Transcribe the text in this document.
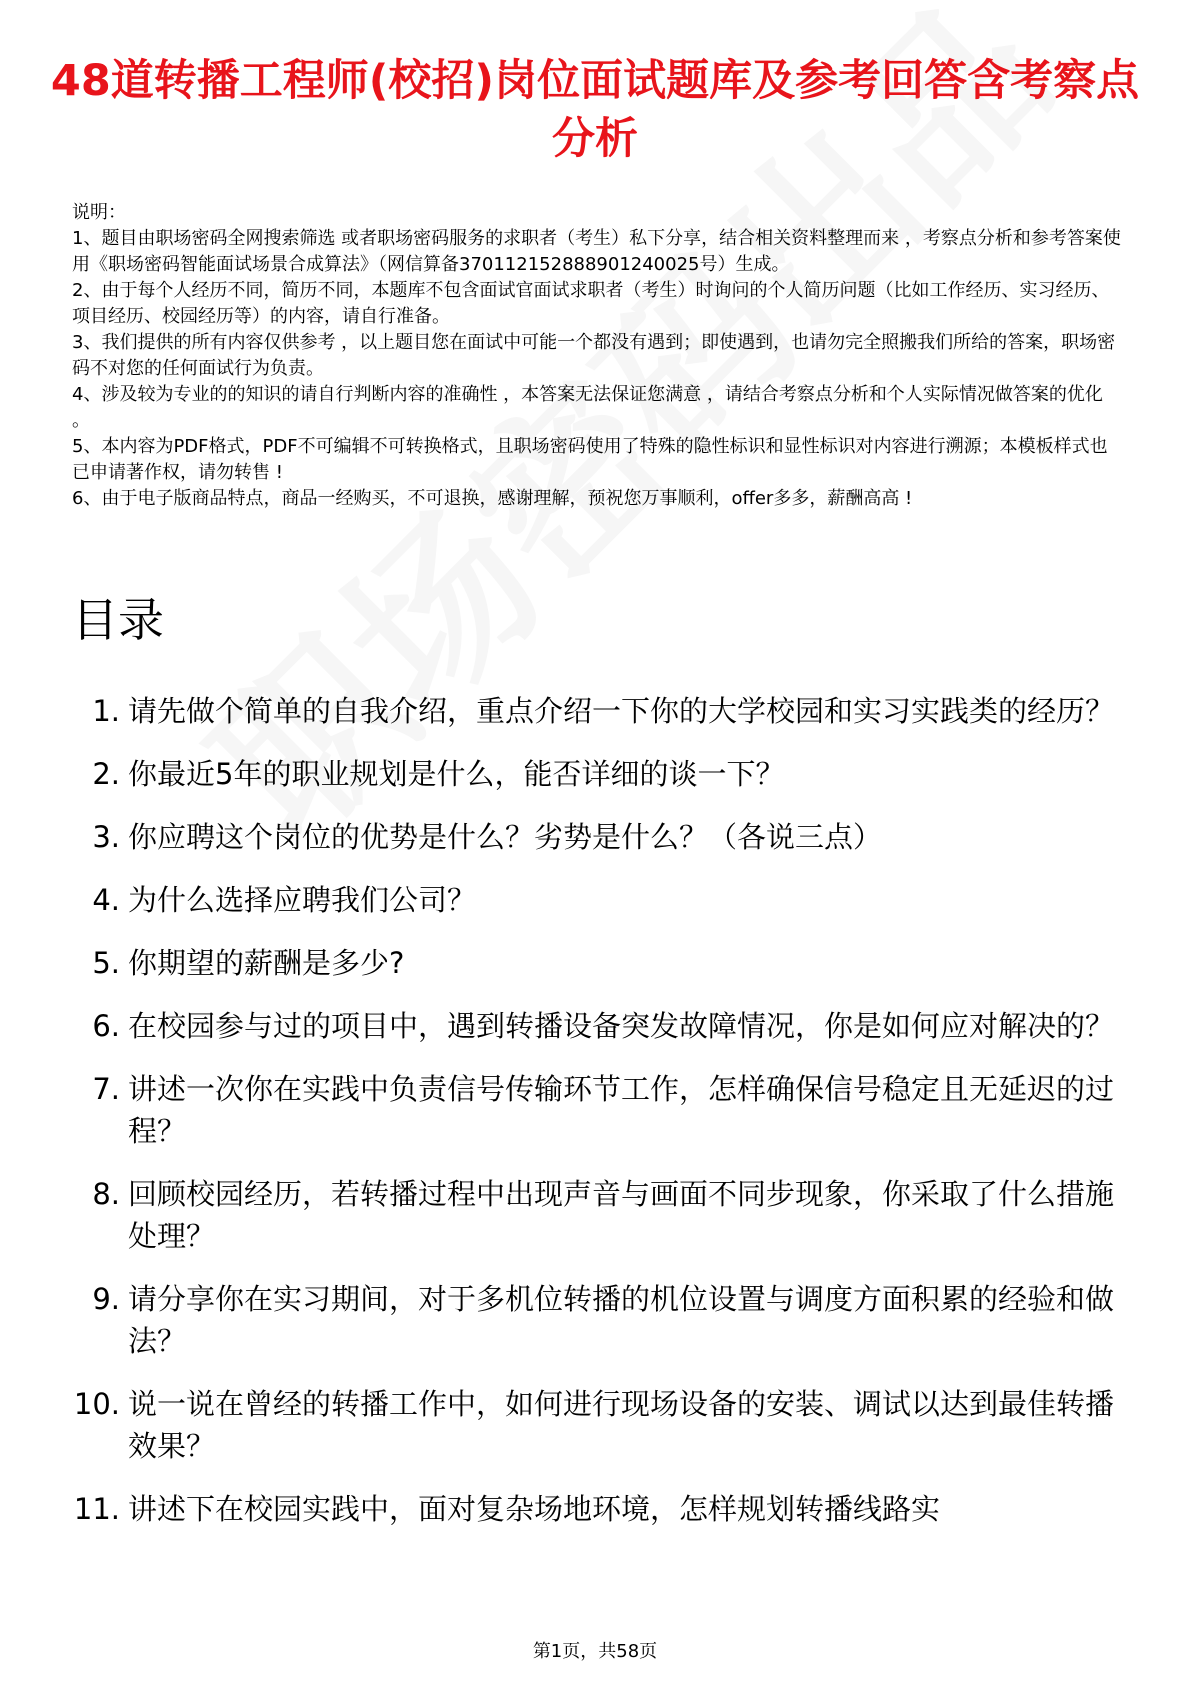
48道转播工程师(校招)岗位面试题库及参考回答含考察点分析

说明：

1、题目由职场密码全网搜索筛选 或者职场密码服务的求职者（考生）私下分享，结合相关资料整理而来 ，考察点分析和参考答案使用《职场密码智能面试场景合成算法》（网信算备370112152888901240025号）生成。

2、由于每个人经历不同，简历不同，本题库不包含面试官面试求职者（考生）时询问的个人简历问题（比如工作经历、实习经历、项目经历、校园经历等）的内容，请自行准备。

3、我们提供的所有内容仅供参考 ，以上题目您在面试中可能一个都没有遇到；即使遇到，也请勿完全照搬我们所给的答案，职场密码不对您的任何面试行为负责。

4、涉及较为专业的的知识的请自行判断内容的准确性 ，本答案无法保证您满意 ，请结合考察点分析和个人实际情况做答案的优化 。

5、本内容为PDF格式，PDF不可编辑不可转换格式，且职场密码使用了特殊的隐性标识和显性标识对内容进行溯源；本模板样式也已申请著作权，请勿转售 !

6、由于电子版商品特点，商品一经购买，不可退换，感谢理解，预祝您万事顺利，offer多多，薪酬高高 !

目录
1. 请先做个简单的自我介绍，重点介绍一下你的大学校园和实习实践类的经历？
2. 你最近5年的职业规划是什么，能否详细的谈一下？
3. 你应聘这个岗位的优势是什么？劣势是什么？（各说三点）
4. 为什么选择应聘我们公司？
5. 你期望的薪酬是多少?
6. 在校园参与过的项目中，遇到转播设备突发故障情况，你是如何应对解决的？
7. 讲述一次你在实践中负责信号传输环节工作，怎样确保信号稳定且无延迟的过程？
8. 回顾校园经历，若转播过程中出现声音与画面不同步现象，你采取了什么措施处理？
9. 请分享你在实习期间，对于多机位转播的机位设置与调度方面积累的经验和做法？
10. 说一说在曾经的转播工作中，如何进行现场设备的安装、调试以达到最佳转播效果？
11. 讲述下在校园实践中，面对复杂场地环境，怎样规划转播线路实
第1页，共58页
